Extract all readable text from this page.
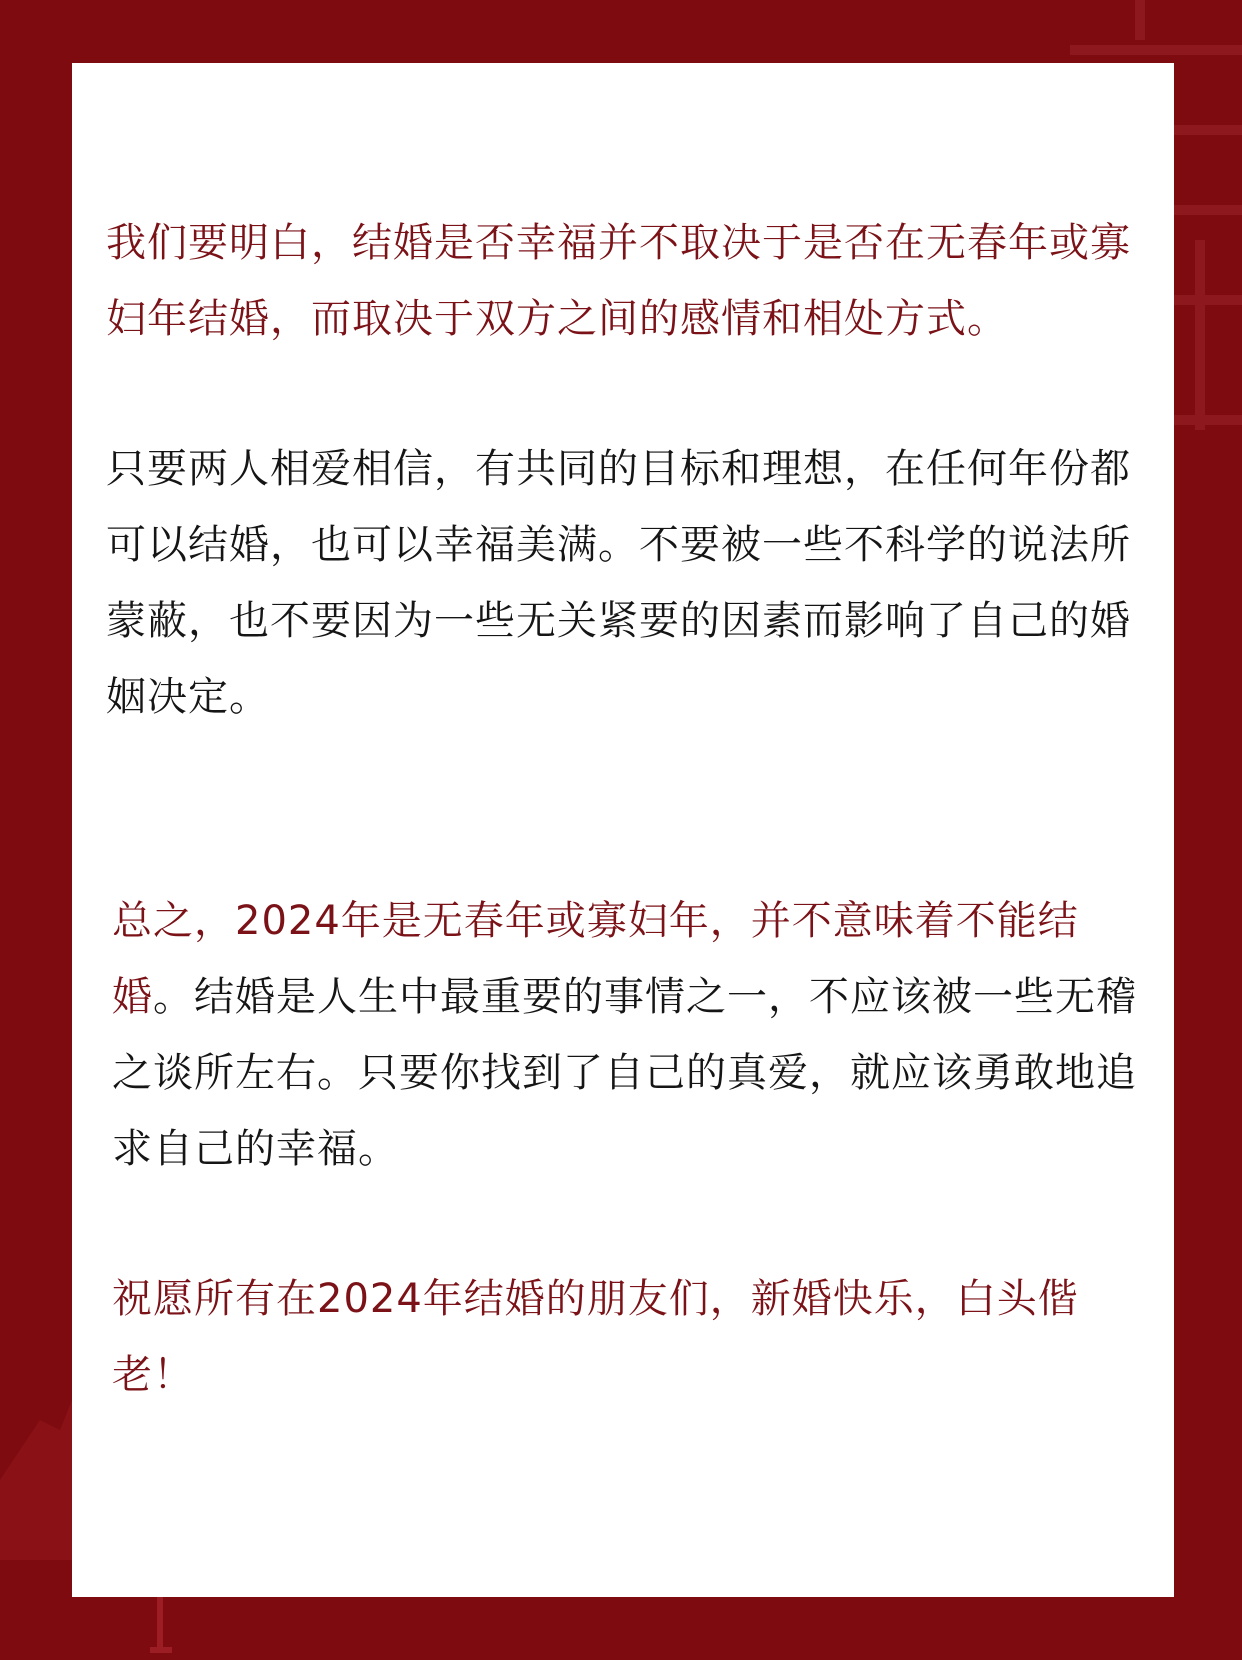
我们要明白，结婚是否幸福并不取决于是否在无春年或寡妇年结婚，而取决于双方之间的感情和相处方式。

只要两人相爱相信，有共同的目标和理想，在任何年份都可以结婚，也可以幸福美满。不要被一些不科学的说法所蒙蔽，也不要因为一些无关紧要的因素而影响了自己的婚姻决定。

总之，2024年是无春年或寡妇年，并不意味着不能结婚。结婚是人生中最重要的事情之一，不应该被一些无稽之谈所左右。只要你找到了自己的真爱，就应该勇敢地追求自己的幸福。

祝愿所有在2024年结婚的朋友们，新婚快乐，白头偕老！
